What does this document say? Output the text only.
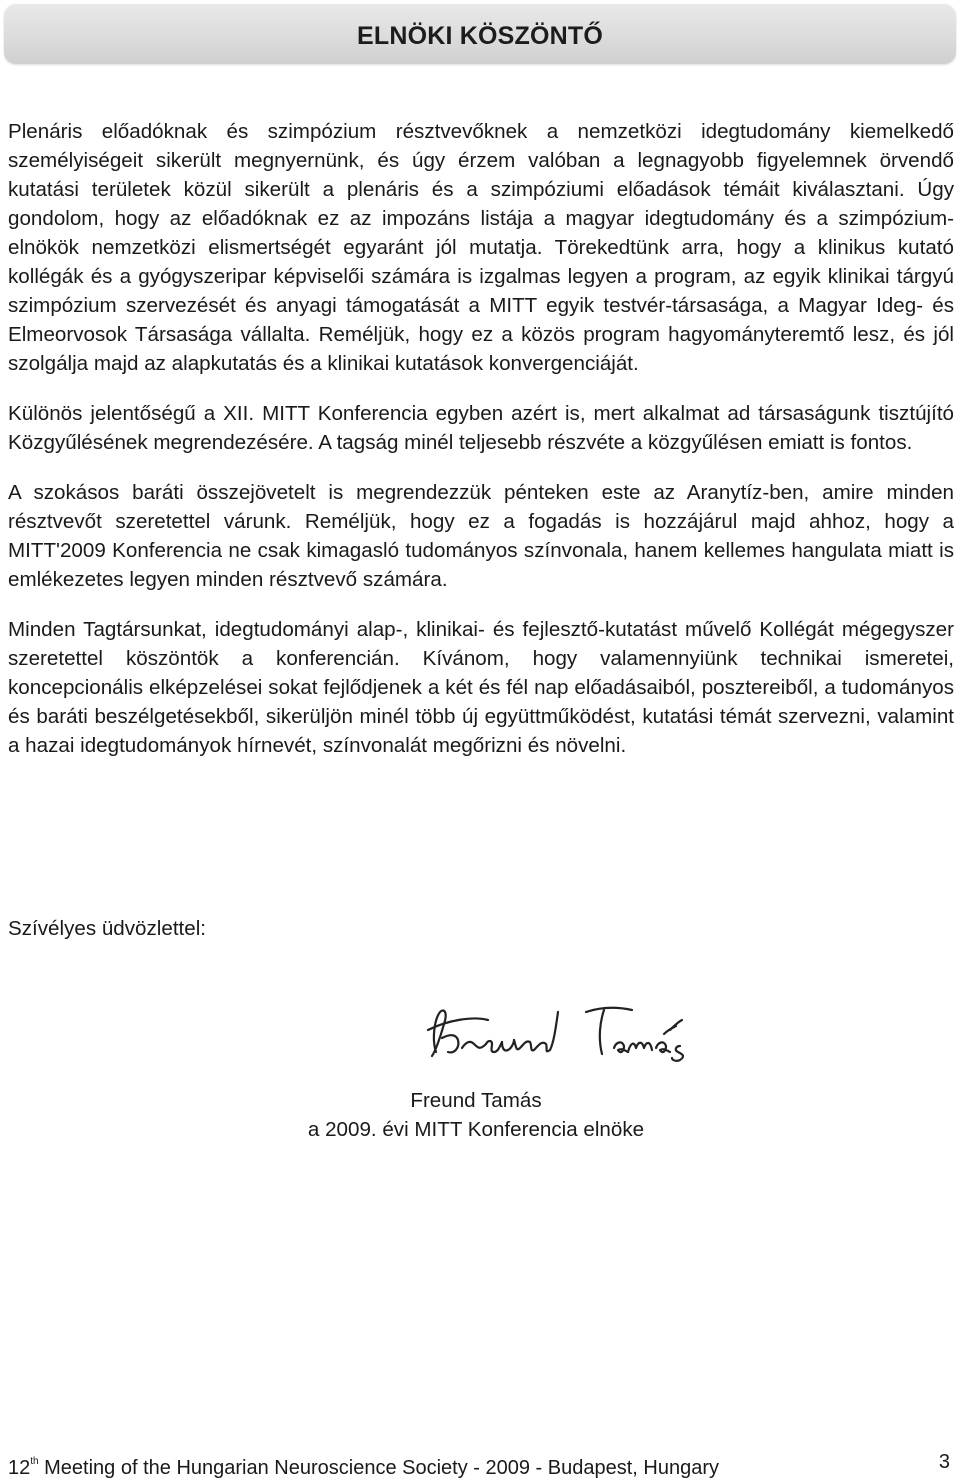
ELNÖKI KÖSZÖNTŐ

Plenáris előadóknak és szimpózium résztvevőknek a nemzetközi idegtudomány kiemelkedő személyiségeit sikerült megnyernünk, és úgy érzem valóban a legnagyobb figyelemnek örvendő kutatási területek közül sikerült a plenáris és a szimpóziumi előadások témáit kiválasztani. Úgy gondolom, hogy az előadóknak ez az impozáns listája a magyar idegtudomány és a szimpózium-elnökök nemzetközi elismertségét egyaránt jól mutatja. Törekedtünk arra, hogy a klinikus kutató kollégák és a gyógyszeripar képviselői számára is izgalmas legyen a program, az egyik klinikai tárgyú szimpózium szervezését és anyagi támogatását a MITT egyik testvér-társasága, a Magyar Ideg- és Elmeorvosok Társasága vállalta. Reméljük, hogy ez a közös program hagyományteremtő lesz, és jól szolgálja majd az alapkutatás és a klinikai kutatások konvergenciáját.

Különös jelentőségű a XII. MITT Konferencia egyben azért is, mert alkalmat ad társaságunk tisztújító Közgyűlésének megrendezésére. A tagság minél teljesebb részvéte a közgyűlésen emiatt is fontos.

A szokásos baráti összejövetelt is megrendezzük pénteken este az Aranytíz-ben, amire minden résztvevőt szeretettel várunk. Reméljük, hogy ez a fogadás is hozzájárul majd ahhoz, hogy a MITT'2009 Konferencia ne csak kimagasló tudományos színvonala, hanem kellemes hangulata miatt is emlékezetes legyen minden résztvevő számára.

Minden Tagtársunkat, idegtudományi alap-, klinikai- és fejlesztő-kutatást művelő Kollégát mégegyszer szeretettel köszöntök a konferencián. Kívánom, hogy valamennyiünk technikai ismeretei, koncepcionális elképzelései sokat fejlődjenek a két és fél nap előadásaiból, posztereiből, a tudományos és baráti beszélgetésekből, sikerüljön minél több új együttműködést, kutatási témát szervezni, valamint a hazai idegtudományok hírnevét, színvonalát megőrizni és növelni.

Szívélyes üdvözlettel:
Freund Tamás
a 2009. évi MITT Konferencia elnöke
12th Meeting of the Hungarian Neuroscience Society - 2009 - Budapest, Hungary	3
